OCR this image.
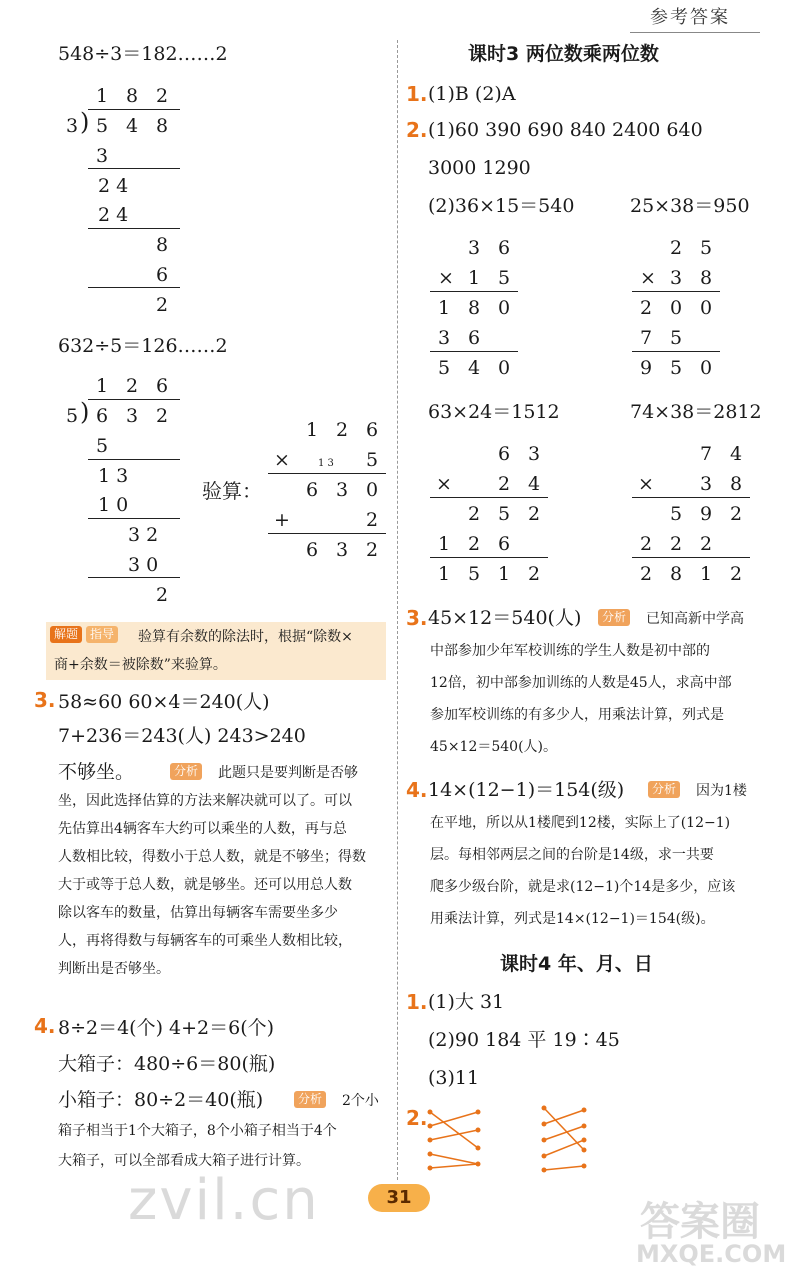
参考答案
548÷3＝182……2
1 8 2
3 ) 5 4 8
3
2 4
2 4
8
6
2
632÷5＝126……2
1 2 6
5 ) 6 3 2
5
1 3
1 0
3 2
3 0
2
验算：
1 2 6
×	1 3 5
6 3 0
+	2
6 3 2
解题 指导 验算有余数的除法时，根据“除数×
商+余数＝被除数”来验算。
3. 58≈60 60×4＝240(人)
7+236＝243(人) 243>240
不够坐。	分析 此题只是要判断是否够
坐，因此选择估算的方法来解决就可以了。可以
先估算出4辆客车大约可以乘坐的人数，再与总
人数相比较，得数小于总人数，就是不够坐；得数
大于或等于总人数，就是够坐。还可以用总人数
除以客车的数量，估算出每辆客车需要坐多少
人，再将得数与每辆客车的可乘坐人数相比较，
判断出是否够坐。
4. 8÷2＝4(个) 4+2＝6(个)
大箱子：480÷6＝80(瓶)
小箱子：80÷2＝40(瓶)	分析 2个小
箱子相当于1个大箱子，8个小箱子相当于4个
大箱子，可以全部看成大箱子进行计算。
课时3 两位数乘两位数
1. (1)B (2)A
2. (1)60 390 690 840 2400 640
3000 1290
(2)36×15＝540	25×38＝950
3 6
× 1 5
1 8 0
3 6
5 4 0
2 5
× 3 8
2 0 0
7 5
9 5 0
63×24＝1512	74×38＝2812
6 3
× 2 4
2 5 2
1 2 6
1 5 1 2
7 4
× 3 8
5 9 2
2 2 2
2 8 1 2
3. 45×12＝540(人)	分析 已知高新中学高
中部参加少年军校训练的学生人数是初中部的
12倍，初中部参加训练的人数是45人，求高中部
参加军校训练的有多少人，用乘法计算，列式是
45×12＝540(人)。
4. 14×(12−1)＝154(级)	分析 因为1楼
在平地，所以从1楼爬到12楼，实际上了(12−1)
层。每相邻两层之间的台阶是14级，求一共要
爬多少级台阶，就是求(12−1)个14是多少，应该
用乘法计算，列式是14×(12−1)＝154(级)。
课时4 年、月、日
1. (1)大 31
(2)90 184 平 19∶45
(3)11
2.
31
zvil.cn	答案圈
MXQE.COM
